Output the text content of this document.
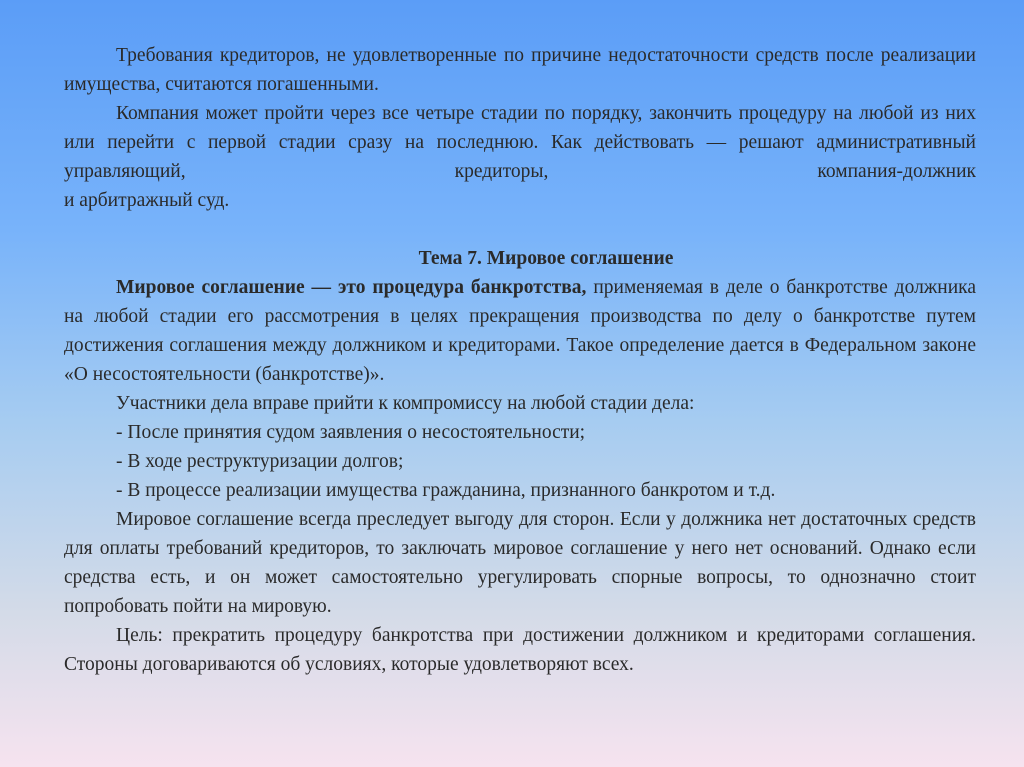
Требования кредиторов, не удовлетворенные по причине недостаточности средств после реализации имущества, считаются погашенными.

Компания может пройти через все четыре стадии по порядку, закончить процедуру на любой из них или перейти с первой стадии сразу на последнюю. Как действовать — решают административный управляющий, кредиторы, компания-должник

и арбитражный суд.

Тема 7. Мировое соглашение

Мировое соглашение — это процедура банкротства, применяемая в деле о банкротстве должника на любой стадии его рассмотрения в целях прекращения производства по делу о банкротстве путем достижения соглашения между должником и кредиторами. Такое определение дается в Федеральном законе «О несостоятельности (банкротстве)».

Участники дела вправе прийти к компромиссу на любой стадии дела:

- После принятия судом заявления о несостоятельности;

- В ходе реструктуризации долгов;

- В процессе реализации имущества гражданина, признанного банкротом и т.д.

Мировое соглашение всегда преследует выгоду для сторон. Если у должника нет достаточных средств для оплаты требований кредиторов, то заключать мировое соглашение у него нет оснований. Однако если средства есть, и он может самостоятельно урегулировать спорные вопросы, то однозначно стоит попробовать пойти на мировую.

Цель: прекратить процедуру банкротства при достижении должником и кредиторами соглашения. Стороны договариваются об условиях, которые удовлетворяют всех.
